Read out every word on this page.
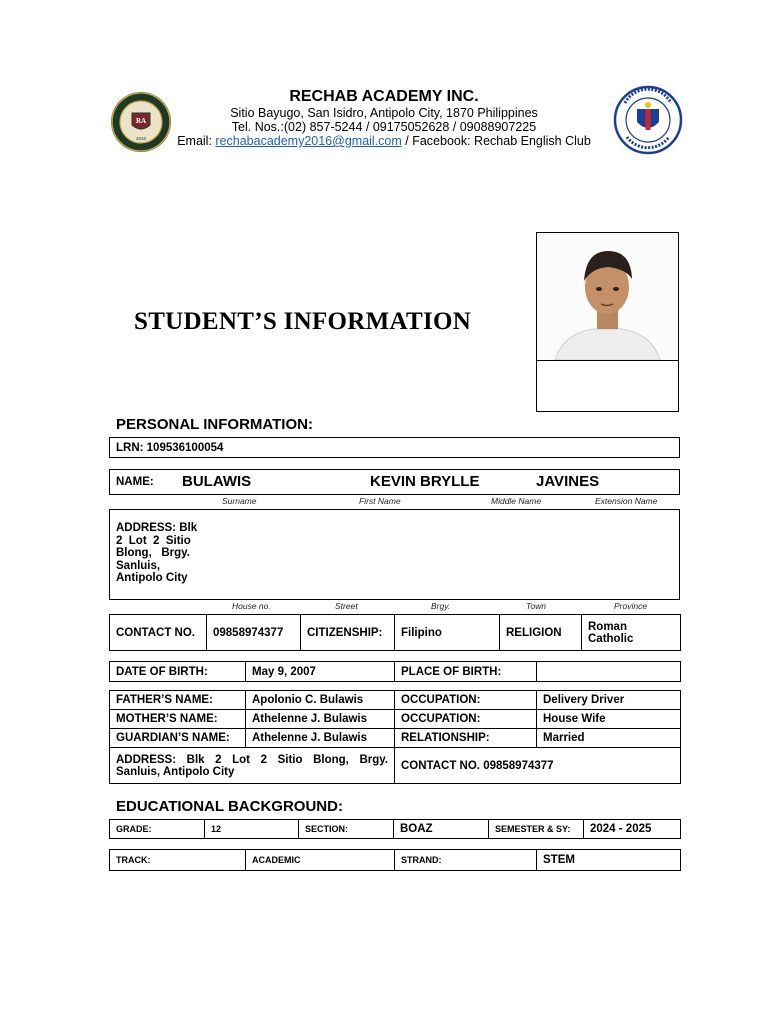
RA
2016
RECHAB ACADEMY INC.
Sitio Bayugo, San Isidro, Antipolo City, 1870 Philippines
Tel. Nos.:(02) 857-5244 / 09175052628 / 09088907225
Email: rechabacademy2016@gmail.com / Facebook: Rechab English Club
STUDENT’S INFORMATION
PERSONAL INFORMATION:
LRN: 109536100054
NAME: BULAWIS	KEVIN BRYLLE	JAVINES
Surname	First Name	Middle Name	Extension Name
ADDRESS: Blk
2  Lot  2  Sitio
Blong,   Brgy.
Sanluis,
Antipolo City
House no.	Street	Brgy.	Town	Province
CONTACT NO.	09858974377	CITIZENSHIP:	Filipino	RELIGION	Roman
Catholic
DATE OF BIRTH:	May 9, 2007	PLACE OF BIRTH:	
FATHER’S NAME:	Apolonio C. Bulawis	OCCUPATION:	Delivery Driver
MOTHER’S NAME:	Athelenne J. Bulawis	OCCUPATION:	House Wife
GUARDIAN’S NAME:	Athelenne J. Bulawis	RELATIONSHIP:	Married

ADDRESS: Blk 2 Lot 2 Sitio Blong, Brgy.
Sanluis, Antipolo City		CONTACT NO. 09858974377	
EDUCATIONAL BACKGROUND:
GRADE:	12	SECTION:	BOAZ	SEMESTER & SY:	2024 - 2025
TRACK:	ACADEMIC	STRAND:	STEM
